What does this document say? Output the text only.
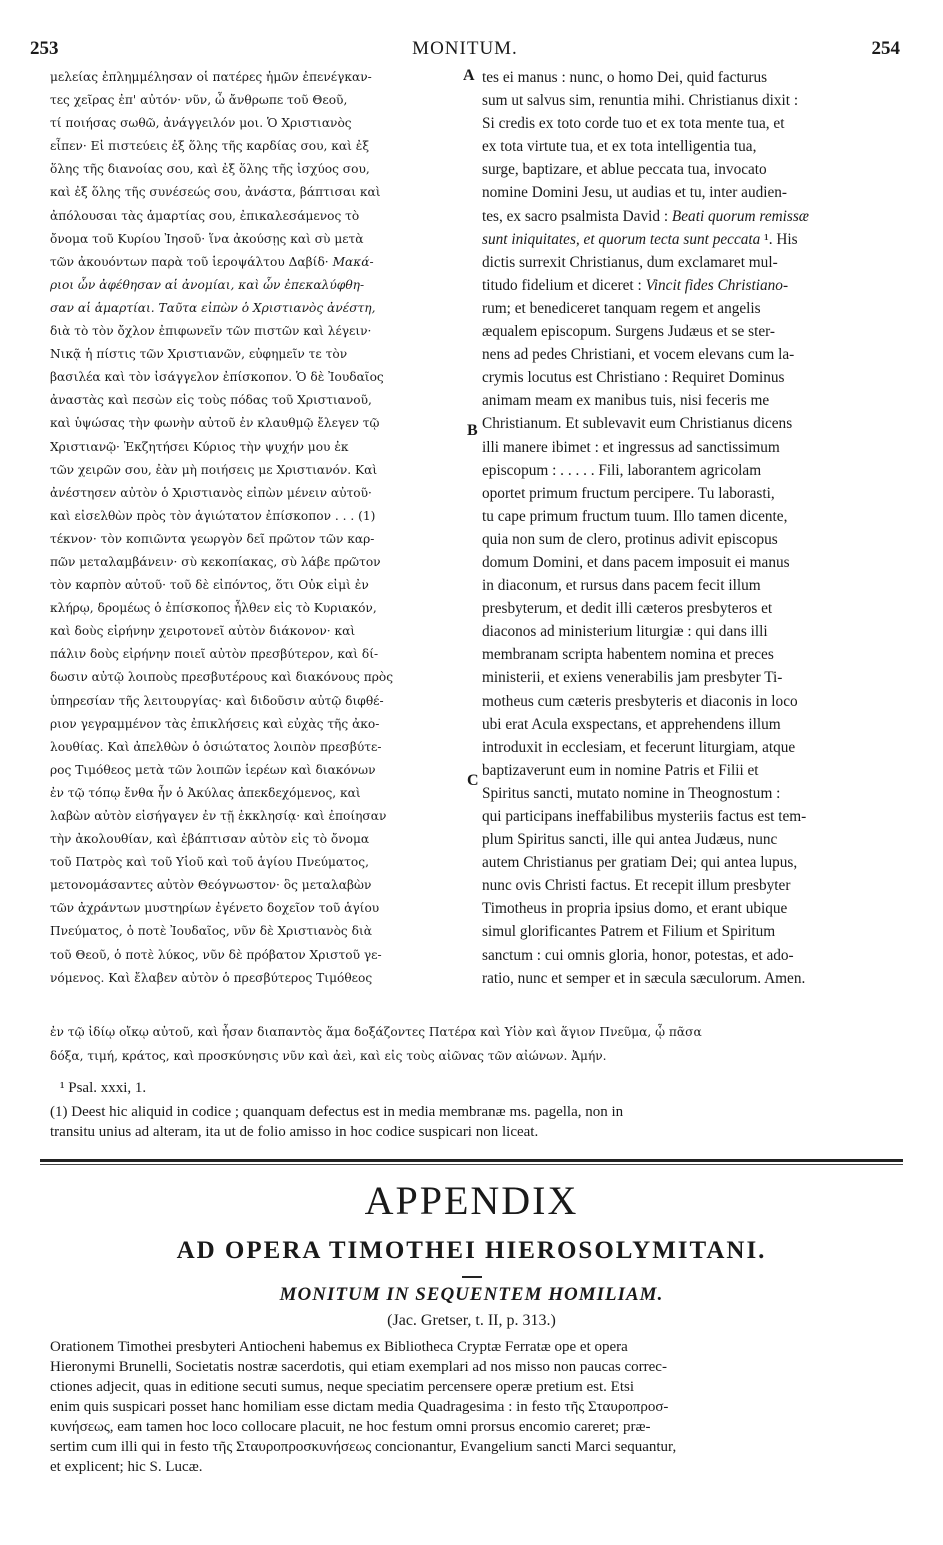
253	MONITUM.	254
A
B
C
μελείας ἐπλημμέλησαν οἱ πατέρες ἡμῶν ἐπενέγκαν-
τες χεῖρας ἐπ' αὐτόν· νῦν, ὦ ἄνθρωπε τοῦ Θεοῦ,
τί ποιήσας σωθῶ, ἀνάγγειλόν μοι. Ὁ Χριστιανὸς
εἶπεν· Εἰ πιστεύεις ἐξ ὅλης τῆς καρδίας σου, καὶ ἐξ
ὅλης τῆς διανοίας σου, καὶ ἐξ ὅλης τῆς ἰσχύος σου,
καὶ ἐξ ὅλης τῆς συνέσεώς σου, ἀνάστα, βάπτισαι καὶ
ἀπόλουσαι τὰς ἁμαρτίας σου, ἐπικαλεσάμενος τὸ
ὄνομα τοῦ Κυρίου Ἰησοῦ· ἵνα ἀκούσῃς καὶ σὺ μετὰ
τῶν ἀκουόντων παρὰ τοῦ ἱεροψάλτου Δαβίδ· Μακά-
ριοι ὧν ἀφέθησαν αἱ ἀνομίαι, καὶ ὧν ἐπεκαλύφθη-
σαν αἱ ἁμαρτίαι. Ταῦτα εἰπὼν ὁ Χριστιανὸς ἀνέστη,
διὰ τὸ τὸν ὄχλον ἐπιφωνεῖν τῶν πιστῶν καὶ λέγειν·
Νικᾷ ἡ πίστις τῶν Χριστιανῶν, εὐφημεῖν τε τὸν
βασιλέα καὶ τὸν ἰσάγγελον ἐπίσκοπον. Ὁ δὲ Ἰουδαῖος
ἀναστὰς καὶ πεσὼν εἰς τοὺς πόδας τοῦ Χριστιανοῦ,
καὶ ὑψώσας τὴν φωνὴν αὐτοῦ ἐν κλαυθμῷ ἔλεγεν τῷ
Χριστιανῷ· Ἐκζητήσει Κύριος τὴν ψυχήν μου ἐκ
τῶν χειρῶν σου, ἐὰν μὴ ποιήσεις με Χριστιανόν. Καὶ
ἀνέστησεν αὐτὸν ὁ Χριστιανὸς εἰπὼν μένειν αὐτοῦ·
καὶ εἰσελθὼν πρὸς τὸν ἁγιώτατον ἐπίσκοπον . . . (1)
τέκνον· τὸν κοπιῶντα γεωργὸν δεῖ πρῶτον τῶν καρ-
πῶν μεταλαμβάνειν· σὺ κεκοπίακας, σὺ λάβε πρῶτον
τὸν καρπὸν αὐτοῦ· τοῦ δὲ εἰπόντος, ὅτι Οὐκ εἰμὶ ἐν
κλήρῳ, δρομέως ὁ ἐπίσκοπος ἦλθεν εἰς τὸ Κυριακόν,
καὶ δοὺς εἰρήνην χειροτονεῖ αὐτὸν διάκονον· καὶ
πάλιν δοὺς εἰρήνην ποιεῖ αὐτὸν πρεσβύτερον, καὶ δί-
δωσιν αὐτῷ λοιποὺς πρεσβυτέρους καὶ διακόνους πρὸς
ὑπηρεσίαν τῆς λειτουργίας· καὶ διδοῦσιν αὐτῷ διφθέ-
ριον γεγραμμένον τὰς ἐπικλήσεις καὶ εὐχὰς τῆς ἀκο-
λουθίας. Καὶ ἀπελθὼν ὁ ὁσιώτατος λοιπὸν πρεσβύτε-
ρος Τιμόθεος μετὰ τῶν λοιπῶν ἱερέων καὶ διακόνων
ἐν τῷ τόπῳ ἔνθα ἦν ὁ Ἀκύλας ἀπεκδεχόμενος, καὶ
λαβὼν αὐτὸν εἰσήγαγεν ἐν τῇ ἐκκλησίᾳ· καὶ ἐποίησαν
τὴν ἀκολουθίαν, καὶ ἐβάπτισαν αὐτὸν εἰς τὸ ὄνομα
τοῦ Πατρὸς καὶ τοῦ Υἱοῦ καὶ τοῦ ἁγίου Πνεύματος,
μετονομάσαντες αὐτὸν Θεόγνωστον· ὃς μεταλαβὼν
τῶν ἀχράντων μυστηρίων ἐγένετο δοχεῖον τοῦ ἁγίου
Πνεύματος, ὁ ποτὲ Ἰουδαῖος, νῦν δὲ Χριστιανὸς διὰ
τοῦ Θεοῦ, ὁ ποτὲ λύκος, νῦν δὲ πρόβατον Χριστοῦ γε-
νόμενος. Καὶ ἔλαβεν αὐτὸν ὁ πρεσβύτερος Τιμόθεος
tes ei manus : nunc, o homo Dei, quid facturus
sum ut salvus sim, renuntia mihi. Christianus dixit :
Si credis ex toto corde tuo et ex tota mente tua, et
ex tota virtute tua, et ex tota intelligentia tua,
surge, baptizare, et ablue peccata tua, invocato
nomine Domini Jesu, ut audias et tu, inter audien-
tes, ex sacro psalmista David : Beati quorum remissæ
sunt iniquitates, et quorum tecta sunt peccata ¹. His
dictis surrexit Christianus, dum exclamaret mul-
titudo fidelium et diceret : Vincit fides Christiano-
rum; et benediceret tanquam regem et angelis
æqualem episcopum. Surgens Judæus et se ster-
nens ad pedes Christiani, et vocem elevans cum la-
crymis locutus est Christiano : Requiret Dominus
animam meam ex manibus tuis, nisi feceris me
Christianum. Et sublevavit eum Christianus dicens
illi manere ibimet : et ingressus ad sanctissimum
episcopum : . . . . . Fili, laborantem agricolam
oportet primum fructum percipere. Tu laborasti,
tu cape primum fructum tuum. Illo tamen dicente,
quia non sum de clero, protinus adivit episcopus
domum Domini, et dans pacem imposuit ei manus
in diaconum, et rursus dans pacem fecit illum
presbyterum, et dedit illi cæteros presbyteros et
diaconos ad ministerium liturgiæ : qui dans illi
membranam scripta habentem nomina et preces
ministerii, et exiens venerabilis jam presbyter Ti-
motheus cum cæteris presbyteris et diaconis in loco
ubi erat Acula exspectans, et apprehendens illum
introduxit in ecclesiam, et fecerunt liturgiam, atque
baptizaverunt eum in nomine Patris et Filii et
Spiritus sancti, mutato nomine in Theognostum :
qui participans ineffabilibus mysteriis factus est tem-
plum Spiritus sancti, ille qui antea Judæus, nunc
autem Christianus per gratiam Dei; qui antea lupus,
nunc ovis Christi factus. Et recepit illum presbyter
Timotheus in propria ipsius domo, et erant ubique
simul glorificantes Patrem et Filium et Spiritum
sanctum : cui omnis gloria, honor, potestas, et ado-
ratio, nunc et semper et in sæcula sæculorum. Amen.
ἐν τῷ ἰδίῳ οἴκῳ αὐτοῦ, καὶ ἦσαν διαπαντὸς ἅμα δοξάζοντες Πατέρα καὶ Υἱὸν καὶ ἅγιον Πνεῦμα, ᾧ πᾶσα
δόξα, τιμή, κράτος, καὶ προσκύνησις νῦν καὶ ἀεὶ, καὶ εἰς τοὺς αἰῶνας τῶν αἰώνων. Ἀμήν.
¹ Psal. xxxi, 1.
(1) Deest hic aliquid in codice ; quanquam defectus est in media membranæ ms. pagella, non in
transitu unius ad alteram, ita ut de folio amisso in hoc codice suspicari non liceat.
APPENDIX
AD OPERA TIMOTHEI HIEROSOLYMITANI.
MONITUM IN SEQUENTEM HOMILIAM.
(Jac. Gretser, t. II, p. 313.)
Orationem Timothei presbyteri Antiocheni habemus ex Bibliotheca Cryptæ Ferratæ ope et opera
Hieronymi Brunelli, Societatis nostræ sacerdotis, qui etiam exemplari ad nos misso non paucas correc-
ctiones adjecit, quas in editione secuti sumus, neque speciatim percensere operæ pretium est. Etsi
enim quis suspicari posset hanc homiliam esse dictam media Quadragesima : in festo τῆς Σταυροπροσ-
κυνήσεως, eam tamen hoc loco collocare placuit, ne hoc festum omni prorsus encomio careret; præ-
sertim cum illi qui in festo τῆς Σταυροπροσκυνήσεως concionantur, Evangelium sancti Marci sequantur,
et explicent; hic S. Lucæ.
